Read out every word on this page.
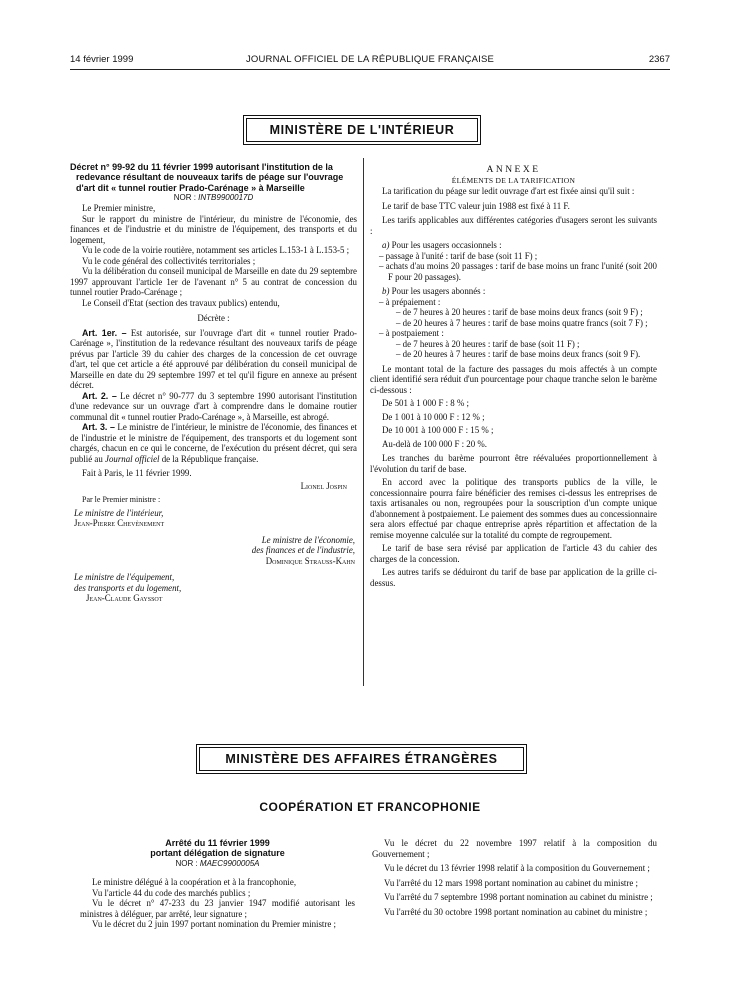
14 février 1999	JOURNAL OFFICIEL DE LA RÉPUBLIQUE FRANÇAISE	2367
MINISTÈRE DE L'INTÉRIEUR

Décret n° 99-92 du 11 février 1999 autorisant l'institution de la redevance résultant de nouveaux tarifs de péage sur l'ouvrage d'art dit « tunnel routier Prado-Carénage » à Marseille

NOR : INTB9900017D

Le Premier ministre,

Sur le rapport du ministre de l'intérieur, du ministre de l'économie, des finances et de l'industrie et du ministre de l'équipement, des transports et du logement,

Vu le code de la voirie routière, notamment ses articles L.153-1 à L.153-5 ;

Vu le code général des collectivités territoriales ;

Vu la délibération du conseil municipal de Marseille en date du 29 septembre 1997 approuvant l'article 1er de l'avenant n° 5 au contrat de concession du tunnel routier Prado-Carénage ;

Le Conseil d'Etat (section des travaux publics) entendu,

Décrète :

Art. 1er. – Est autorisée, sur l'ouvrage d'art dit « tunnel routier Prado-Carénage », l'institution de la redevance résultant des nouveaux tarifs de péage prévus par l'article 39 du cahier des charges de la concession de cet ouvrage d'art, tel que cet article a été approuvé par délibération du conseil municipal de Marseille en date du 29 septembre 1997 et tel qu'il figure en annexe au présent décret.

Art. 2. – Le décret n° 90-777 du 3 septembre 1990 autorisant l'institution d'une redevance sur un ouvrage d'art à comprendre dans le domaine routier communal dit « tunnel routier Prado-Carénage », à Marseille, est abrogé.

Art. 3. – Le ministre de l'intérieur, le ministre de l'économie, des finances et de l'industrie et le ministre de l'équipement, des transports et du logement sont chargés, chacun en ce qui le concerne, de l'exécution du présent décret, qui sera publié au Journal officiel de la République française.

Fait à Paris, le 11 février 1999.

Lionel Jospin

Par le Premier ministre :

Le ministre de l'intérieur,

Jean-Pierre Chevènement

Le ministre de l'économie,

des finances et de l'industrie,

Dominique Strauss-Kahn

Le ministre de l'équipement,

des transports et du logement,

Jean-Claude Gayssot

ANNEXE

ÉLÉMENTS DE LA TARIFICATION

La tarification du péage sur ledit ouvrage d'art est fixée ainsi qu'il suit :

Le tarif de base TTC valeur juin 1988 est fixé à 11 F.

Les tarifs applicables aux différentes catégories d'usagers seront les suivants :

a) Pour les usagers occasionnels :

– passage à l'unité : tarif de base (soit 11 F) ;

– achats d'au moins 20 passages : tarif de base moins un franc l'unité (soit 200 F pour 20 passages).

b) Pour les usagers abonnés :

– à prépaiement :

– de 7 heures à 20 heures : tarif de base moins deux francs (soit 9 F) ;

– de 20 heures à 7 heures : tarif de base moins quatre francs (soit 7 F) ;

– à postpaiement :

– de 7 heures à 20 heures : tarif de base (soit 11 F) ;

– de 20 heures à 7 heures : tarif de base moins deux francs (soit 9 F).

Le montant total de la facture des passages du mois affectés à un compte client identifié sera réduit d'un pourcentage pour chaque tranche selon le barème ci-dessous :

De 501 à 1 000 F : 8 % ;

De 1 001 à 10 000 F : 12 % ;

De 10 001 à 100 000 F : 15 % ;

Au-delà de 100 000 F : 20 %.

Les tranches du barème pourront être réévaluées proportionnellement à l'évolution du tarif de base.

En accord avec la politique des transports publics de la ville, le concessionnaire pourra faire bénéficier des remises ci-dessus les entreprises de taxis artisanales ou non, regroupées pour la souscription d'un compte unique d'abonnement à postpaiement. Le paiement des sommes dues au concessionnaire sera alors effectué par chaque entreprise après répartition et affectation de la remise moyenne calculée sur la totalité du compte de regroupement.

Le tarif de base sera révisé par application de l'article 43 du cahier des charges de la concession.

Les autres tarifs se déduiront du tarif de base par application de la grille ci-dessus.

MINISTÈRE DES AFFAIRES ÉTRANGÈRES
COOPÉRATION ET FRANCOPHONIE

Arrêté du 11 février 1999

portant délégation de signature

NOR : MAEC9900005A

Le ministre délégué à la coopération et à la francophonie,

Vu l'article 44 du code des marchés publics ;

Vu le décret n° 47-233 du 23 janvier 1947 modifié autorisant les ministres à déléguer, par arrêté, leur signature ;

Vu le décret du 2 juin 1997 portant nomination du Premier ministre ;

Vu le décret du 22 novembre 1997 relatif à la composition du Gouvernement ;

Vu le décret du 13 février 1998 relatif à la composition du Gouvernement ;

Vu l'arrêté du 12 mars 1998 portant nomination au cabinet du ministre ;

Vu l'arrêté du 7 septembre 1998 portant nomination au cabinet du ministre ;

Vu l'arrêté du 30 octobre 1998 portant nomination au cabinet du ministre ;
